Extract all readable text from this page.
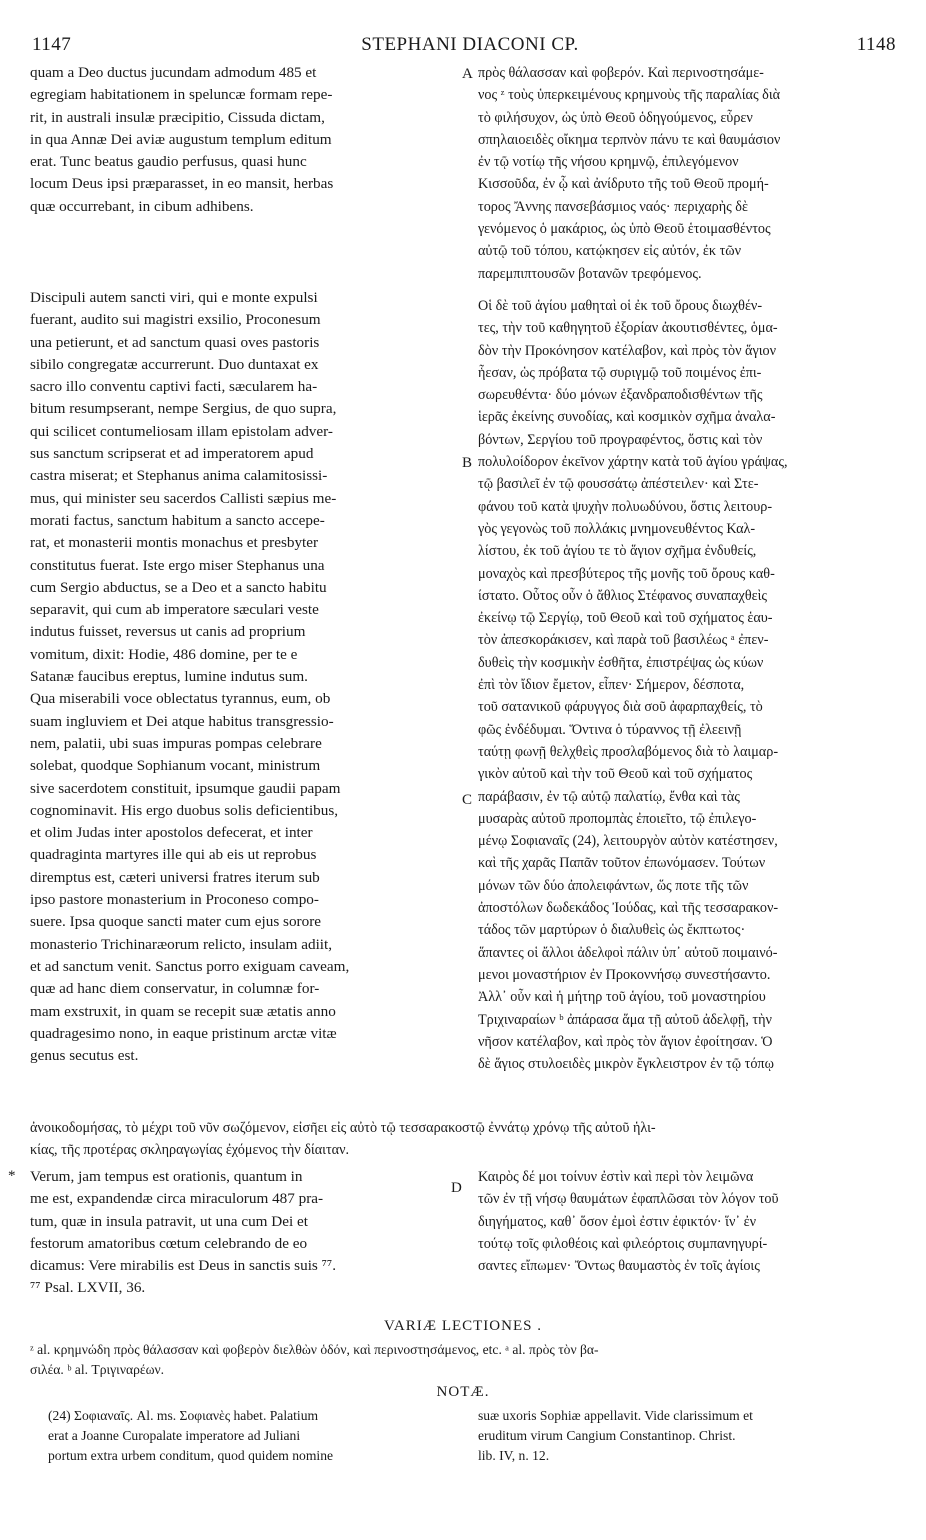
1147	STEPHANI DIACONI CP.	1148

quam a Deo ductus jucundam admodum 485 et

egregiam habitationem in speluncæ formam repe-

rit, in australi insulæ præcipitio, Cissuda dictam,

in qua Annæ Dei aviæ augustum templum editum

erat. Tunc beatus gaudio perfusus, quasi hunc

locum Deus ipsi præparasset, in eo mansit, herbas

quæ occurrebant, in cibum adhibens.

Discipuli autem sancti viri, qui e monte expulsi

fuerant, audito sui magistri exsilio, Proconesum

una petierunt, et ad sanctum quasi oves pastoris

sibilo congregatæ accurrerunt. Duo duntaxat ex

sacro illo conventu captivi facti, sæcularem ha-

bitum resumpserant, nempe Sergius, de quo supra,

qui scilicet contumeliosam illam epistolam adver-

sus sanctum scripserat et ad imperatorem apud

castra miserat; et Stephanus anima calamitosissi-

mus, qui minister seu sacerdos Callisti sæpius me-

morati factus, sanctum habitum a sancto accepe-

rat, et monasterii montis monachus et presbyter

constitutus fuerat. Iste ergo miser Stephanus una

cum Sergio abductus, se a Deo et a sancto habitu

separavit, qui cum ab imperatore sæculari veste

indutus fuisset, reversus ut canis ad proprium

vomitum, dixit: Hodie, 486 domine, per te e

Satanæ faucibus ereptus, lumine indutus sum.

Qua miserabili voce oblectatus tyrannus, eum, ob

suam ingluviem et Dei atque habitus transgressio-

nem, palatii, ubi suas impuras pompas celebrare

solebat, quodque Sophianum vocant, ministrum

sive sacerdotem constituit, ipsumque gaudii papam

cognominavit. His ergo duobus solis deficientibus,

et olim Judas inter apostolos defecerat, et inter

quadraginta martyres ille qui ab eis ut reprobus

diremptus est, cæteri universi fratres iterum sub

ipso pastore monasterium in Proconeso compo-

suere. Ipsa quoque sancti mater cum ejus sorore

monasterio Trichinaræorum relicto, insulam adiit,

et ad sanctum venit. Sanctus porro exiguam caveam,

quæ ad hanc diem conservatur, in columnæ for-

mam exstruxit, in quam se recepit suæ ætatis anno

quadragesimo nono, in eaque pristinum arctæ vitæ

genus secutus est.

πρὸς θάλασσαν καὶ φοβερόν. Καὶ περινοστησάμε-

νος ᶻ τοὺς ὑπερκειμένους κρημνοὺς τῆς παραλίας διὰ

τὸ φιλήσυχον, ὡς ὑπὸ Θεοῦ ὁδηγούμενος, εὗρεν

σπηλαιοειδὲς οἴκημα τερπνὸν πάνυ τε καὶ θαυμάσιον

ἐν τῷ νοτίῳ τῆς νήσου κρημνῷ, ἐπιλεγόμενον

Κισσοῦδα, ἐν ᾧ καὶ ἀνίδρυτο τῆς τοῦ Θεοῦ προμή-

τορος Ἄννης πανσεβάσμιος ναός· περιχαρὴς δὲ

γενόμενος ὁ μακάριος, ὡς ὑπὸ Θεοῦ ἑτοιμασθέντος

αὐτῷ τοῦ τόπου, κατῴκησεν εἰς αὐτόν, ἐκ τῶν

παρεμπιπτουσῶν βοτανῶν τρεφόμενος.

Οἱ δὲ τοῦ ἁγίου μαθηταὶ οἱ ἐκ τοῦ ὄρους διωχθέν-

τες, τὴν τοῦ καθηγητοῦ ἐξορίαν ἀκουτισθέντες, ὁμα-

δὸν τὴν Προκόνησον κατέλαβον, καὶ πρὸς τὸν ἅγιον

ἧεσαν, ὡς πρόβατα τῷ συριγμῷ τοῦ ποιμένος ἐπι-

σωρευθέντα· δύο μόνων ἐξανδραποδισθέντων τῆς

ἱερᾶς ἐκείνης συνοδίας, καὶ κοσμικὸν σχῆμα ἀναλα-

βόντων, Σεργίου τοῦ προγραφέντος, ὅστις καὶ τὸν

πολυλοίδορον ἐκεῖνον χάρτην κατὰ τοῦ ἁγίου γράψας,

τῷ βασιλεῖ ἐν τῷ φουσσάτῳ ἀπέστειλεν· καὶ Στε-

φάνου τοῦ κατὰ ψυχὴν πολυωδύνου, ὅστις λειτουρ-

γὸς γεγονὼς τοῦ πολλάκις μνημονευθέντος Καλ-

λίστου, ἐκ τοῦ ἁγίου τε τὸ ἅγιον σχῆμα ἐνδυθείς,

μοναχὸς καὶ πρεσβύτερος τῆς μονῆς τοῦ ὄρους καθ-

ίστατο. Οὗτος οὖν ὁ ἄθλιος Στέφανος συναπαχθεὶς

ἐκείνῳ τῷ Σεργίῳ, τοῦ Θεοῦ καὶ τοῦ σχήματος ἑαυ-

τὸν ἀπεσκοράκισεν, καὶ παρὰ τοῦ βασιλέως ᵃ ἐπεν-

δυθεὶς τὴν κοσμικὴν ἐσθῆτα, ἐπιστρέψας ὡς κύων

ἐπὶ τὸν ἴδιον ἔμετον, εἶπεν· Σήμερον, δέσποτα,

τοῦ σατανικοῦ φάρυγγος διὰ σοῦ ἀφαρπαχθείς, τὸ

φῶς ἐνδέδυμαι. Ὅντινα ὁ τύραννος τῇ ἐλεεινῇ

ταύτῃ φωνῇ θελχθεὶς προσλαβόμενος διὰ τὸ λαιμαρ-

γικὸν αὐτοῦ καὶ τὴν τοῦ Θεοῦ καὶ τοῦ σχήματος

παράβασιν, ἐν τῷ αὐτῷ παλατίῳ, ἔνθα καὶ τὰς

μυσαρὰς αὐτοῦ προπομπὰς ἐποιεῖτο, τῷ ἐπιλεγο-

μένῳ Σοφιαναῖς (24), λειτουργὸν αὐτὸν κατέστησεν,

καὶ τῆς χαρᾶς Παπᾶν τοῦτον ἐπωνόμασεν. Τούτων

μόνων τῶν δύο ἀπολειφάντων, ὥς ποτε τῆς τῶν

ἀποστόλων δωδεκάδος Ἰούδας, καὶ τῆς τεσσαρακον-

τάδος τῶν μαρτύρων ὁ διαλυθεὶς ὡς ἔκπτωτος·

ἅπαντες οἱ ἄλλοι ἀδελφοὶ πάλιν ὑπ᾽ αὐτοῦ ποιμαινό-

μενοι μοναστήριον ἐν Προκοννήσῳ συνεστήσαντο.

Ἀλλ᾽ οὖν καὶ ἡ μήτηρ τοῦ ἁγίου, τοῦ μοναστηρίου

Τριχιναραίων ᵇ ἀπάρασα ἅμα τῇ αὐτοῦ ἀδελφῇ, τὴν

νῆσον κατέλαβον, καὶ πρὸς τὸν ἅγιον ἐφοίτησαν. Ὁ

δὲ ἅγιος στυλοειδὲς μικρὸν ἔγκλειστρον ἐν τῷ τόπῳ

ἀνοικοδομήσας, τὸ μέχρι τοῦ νῦν σωζόμενον, εἰσῆει εἰς αὐτὸ τῷ τεσσαρακοστῷ ἐννάτῳ χρόνῳ τῆς αὐτοῦ ἡλι-

κίας, τῆς προτέρας σκληραγωγίας ἐχόμενος τὴν δίαιταν.

Verum, jam tempus est orationis, quantum in

me est, expandendæ circa miraculorum 487 pra-

tum, quæ in insula patravit, ut una cum Dei et

festorum amatoribus cœtum celebrando de eo

dicamus: Vere mirabilis est Deus in sanctis suis ⁷⁷.

⁷⁷ Psal. LXVII, 36.

Καιρὸς δέ μοι τοίνυν ἐστὶν καὶ περὶ τὸν λειμῶνα

τῶν ἐν τῇ νήσῳ θαυμάτων ἐφαπλῶσαι τὸν λόγον τοῦ

διηγήματος, καθ᾽ ὅσον ἐμοὶ ἐστιν ἐφικτόν· ἵν᾽ ἐν

τούτῳ τοῖς φιλοθέοις καὶ φιλεόρτοις συμπανηγυρί-

σαντες εἴπωμεν· Ὄντως θαυμαστὸς ἐν τοῖς ἁγίοις

A
B
C
D
*
VARIÆ LECTIONES .

ᶻ al. κρημνώδη πρὸς θάλασσαν καὶ φοβερὸν διελθὼν ὁδόν, καὶ περινοστησάμενος, etc. ᵃ al. πρὸς τὸν βα-

σιλέα. ᵇ al. Τριγιναρέων.

NOTÆ.

(24) Σοφιαναῖς. Al. ms. Σοφιανὲς habet. Palatium

erat a Joanne Curopalate imperatore ad Juliani

portum extra urbem conditum, quod quidem nomine

suæ uxoris Sophiæ appellavit. Vide clarissimum et

eruditum virum Cangium Constantinop. Christ.

lib. IV, n. 12.
